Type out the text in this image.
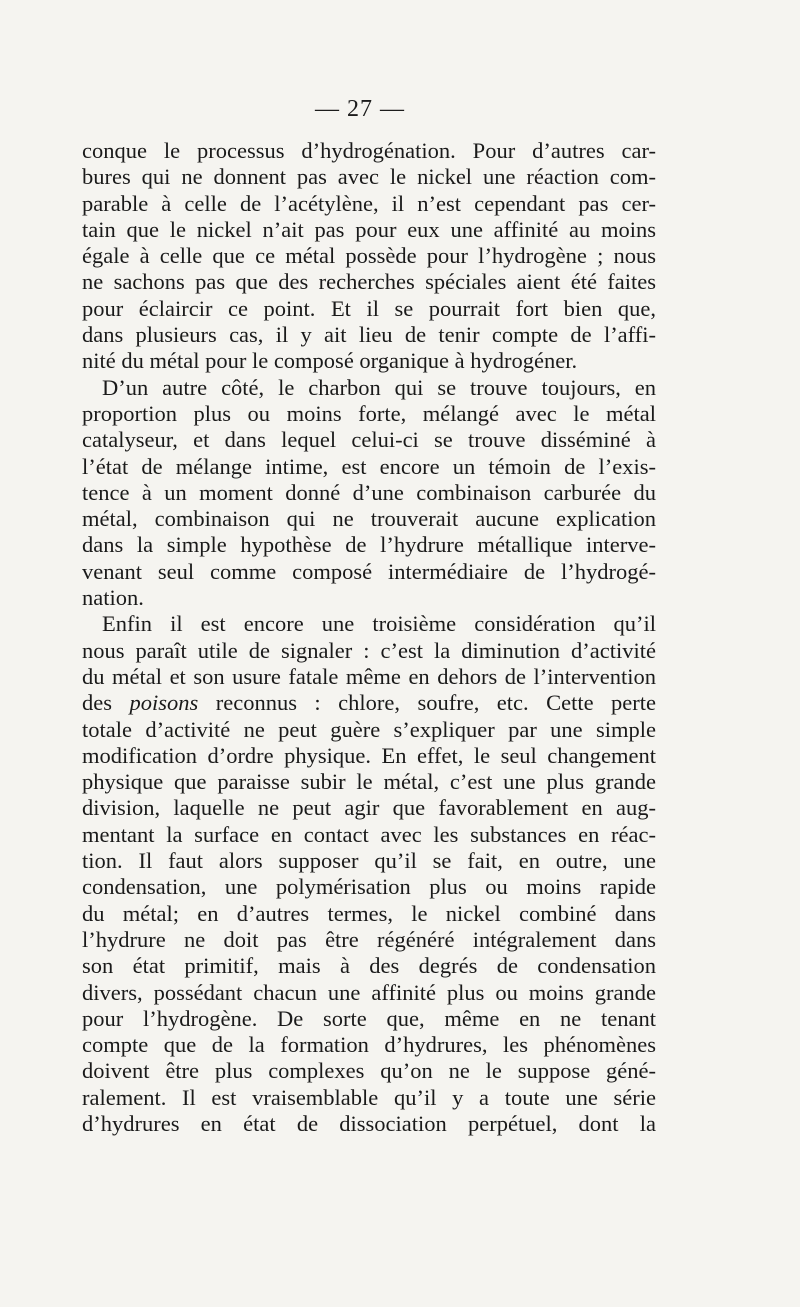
— 27 —
conque le processus d’hydrogénation. Pour d’autres car-
bures qui ne donnent pas avec le nickel une réaction com-
parable à celle de l’acétylène, il n’est cependant pas cer-
tain que le nickel n’ait pas pour eux une affinité au moins
égale à celle que ce métal possède pour l’hydrogène ; nous
ne sachons pas que des recherches spéciales aient été faites
pour éclaircir ce point. Et il se pourrait fort bien que,
dans plusieurs cas, il y ait lieu de tenir compte de l’affi-
nité du métal pour le composé organique à hydrogéner.
D’un autre côté, le charbon qui se trouve toujours, en
proportion plus ou moins forte, mélangé avec le métal
catalyseur, et dans lequel celui-ci se trouve disséminé à
l’état de mélange intime, est encore un témoin de l’exis-
tence à un moment donné d’une combinaison carburée du
métal, combinaison qui ne trouverait aucune explication
dans la simple hypothèse de l’hydrure métallique interve-
venant seul comme composé intermédiaire de l’hydrogé-
nation.
Enfin il est encore une troisième considération qu’il
nous paraît utile de signaler : c’est la diminution d’activité
du métal et son usure fatale même en dehors de l’intervention
des poisons reconnus : chlore, soufre, etc. Cette perte
totale d’activité ne peut guère s’expliquer par une simple
modification d’ordre physique. En effet, le seul changement
physique que paraisse subir le métal, c’est une plus grande
division, laquelle ne peut agir que favorablement en aug-
mentant la surface en contact avec les substances en réac-
tion. Il faut alors supposer qu’il se fait, en outre, une
condensation, une polymérisation plus ou moins rapide
du métal; en d’autres termes, le nickel combiné dans
l’hydrure ne doit pas être régénéré intégralement dans
son état primitif, mais à des degrés de condensation
divers, possédant chacun une affinité plus ou moins grande
pour l’hydrogène. De sorte que, même en ne tenant
compte que de la formation d’hydrures, les phénomènes
doivent être plus complexes qu’on ne le suppose géné-
ralement. Il est vraisemblable qu’il y a toute une série
d’hydrures en état de dissociation perpétuel, dont la
